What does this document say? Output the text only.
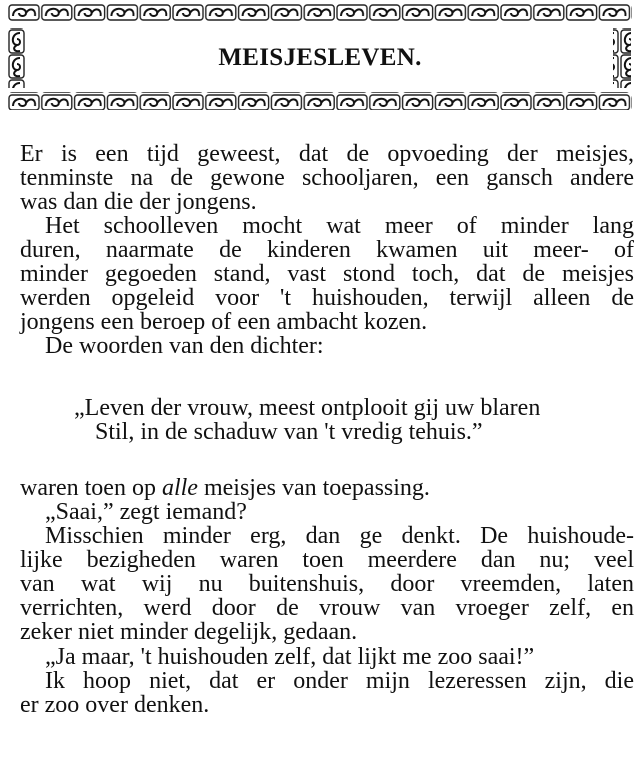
MEISJESLEVEN.
Er is een tijd geweest, dat de opvoeding der meisjes,
tenminste na de gewone schooljaren, een gansch andere
was dan die der jongens.
Het schoolleven mocht wat meer of minder lang
duren, naarmate de kinderen kwamen uit meer- of
minder gegoeden stand, vast stond toch, dat de meisjes
werden opgeleid voor 't huishouden, terwijl alleen de
jongens een beroep of een ambacht kozen.
De woorden van den dichter:
„Leven der vrouw, meest ontplooit gij uw blaren
Stil, in de schaduw van 't vredig tehuis.”
waren toen op alle meisjes van toepassing.
„Saai,” zegt iemand?
Misschien minder erg, dan ge denkt. De huishoude-
lijke bezigheden waren toen meerdere dan nu; veel
van wat wij nu buitenshuis, door vreemden, laten
verrichten, werd door de vrouw van vroeger zelf, en
zeker niet minder degelijk, gedaan.
„Ja maar, 't huishouden zelf, dat lijkt me zoo saai!”
Ik hoop niet, dat er onder mijn lezeressen zijn, die
er zoo over denken.
